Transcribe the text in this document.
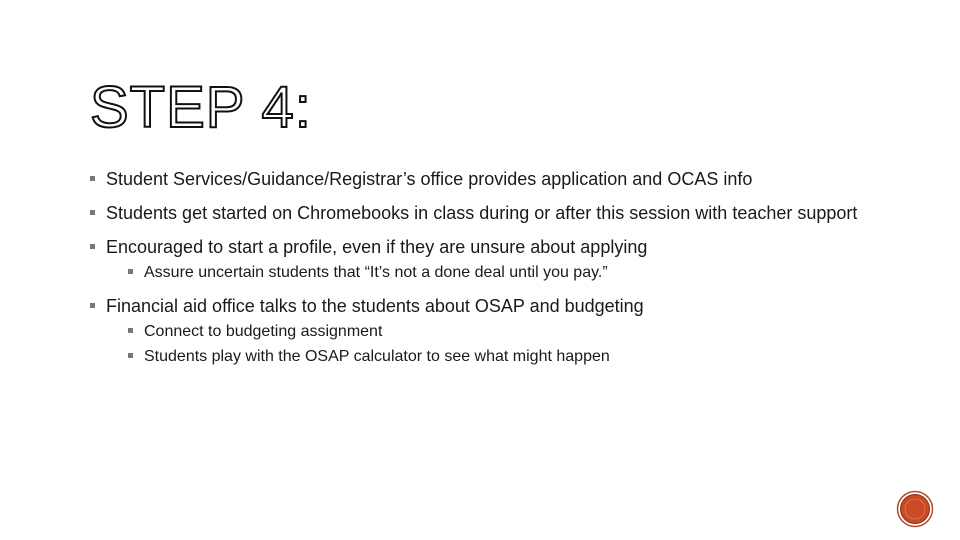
STEP 4:
Student Services/Guidance/Registrar’s office provides application and OCAS info
Students get started on Chromebooks in class during or after this session with teacher support
Encouraged to start a profile, even if they are unsure about applying
Assure uncertain students that “It’s not a done deal until you pay.”
Financial aid office talks to the students about OSAP and budgeting
Connect to budgeting assignment
Students play with the OSAP calculator to see what might happen
